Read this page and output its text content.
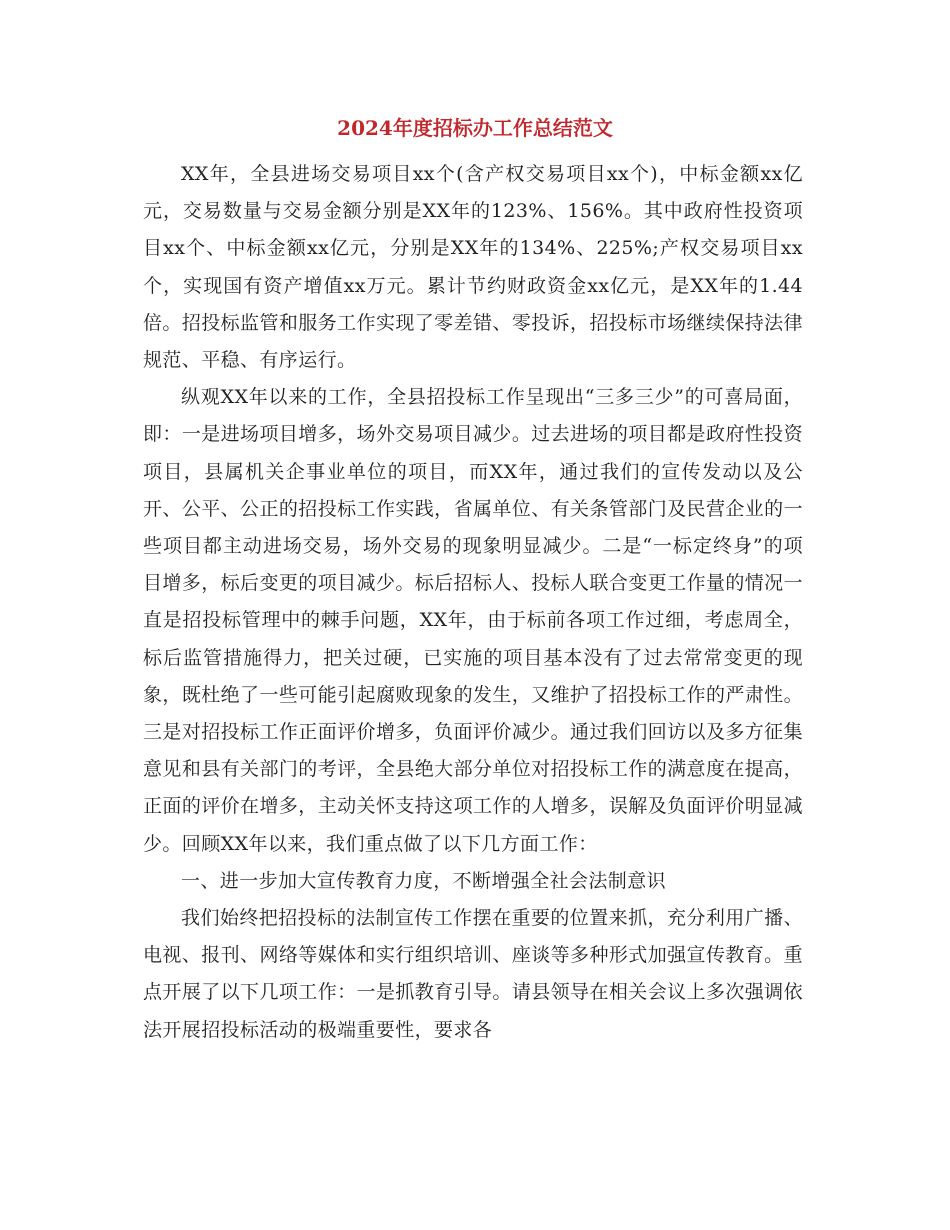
2024年度招标办工作总结范文

XX年，全县进场交易项目xx个(含产权交易项目xx个)，中标金额xx亿元，交易数量与交易金额分别是XX年的123%、156%。其中政府性投资项目xx个、中标金额xx亿元，分别是XX年的134%、225%;产权交易项目xx个，实现国有资产增值xx万元。累计节约财政资金xx亿元，是XX年的1.44倍。招投标监管和服务工作实现了零差错、零投诉，招投标市场继续保持法律规范、平稳、有序运行。

纵观XX年以来的工作，全县招投标工作呈现出“三多三少”的可喜局面，即：一是进场项目增多，场外交易项目减少。过去进场的项目都是政府性投资项目，县属机关企事业单位的项目，而XX年，通过我们的宣传发动以及公开、公平、公正的招投标工作实践，省属单位、有关条管部门及民营企业的一些项目都主动进场交易，场外交易的现象明显减少。二是“一标定终身”的项目增多，标后变更的项目减少。标后招标人、投标人联合变更工作量的情况一直是招投标管理中的棘手问题，XX年，由于标前各项工作过细，考虑周全，标后监管措施得力，把关过硬，已实施的项目基本没有了过去常常变更的现象，既杜绝了一些可能引起腐败现象的发生，又维护了招投标工作的严肃性。三是对招投标工作正面评价增多，负面评价减少。通过我们回访以及多方征集意见和县有关部门的考评，全县绝大部分单位对招投标工作的满意度在提高，正面的评价在增多，主动关怀支持这项工作的人增多，误解及负面评价明显减少。回顾XX年以来，我们重点做了以下几方面工作：

一、进一步加大宣传教育力度，不断增强全社会法制意识

我们始终把招投标的法制宣传工作摆在重要的位置来抓，充分利用广播、电视、报刊、网络等媒体和实行组织培训、座谈等多种形式加强宣传教育。重点开展了以下几项工作：一是抓教育引导。请县领导在相关会议上多次强调依法开展招投标活动的极端重要性，要求各
